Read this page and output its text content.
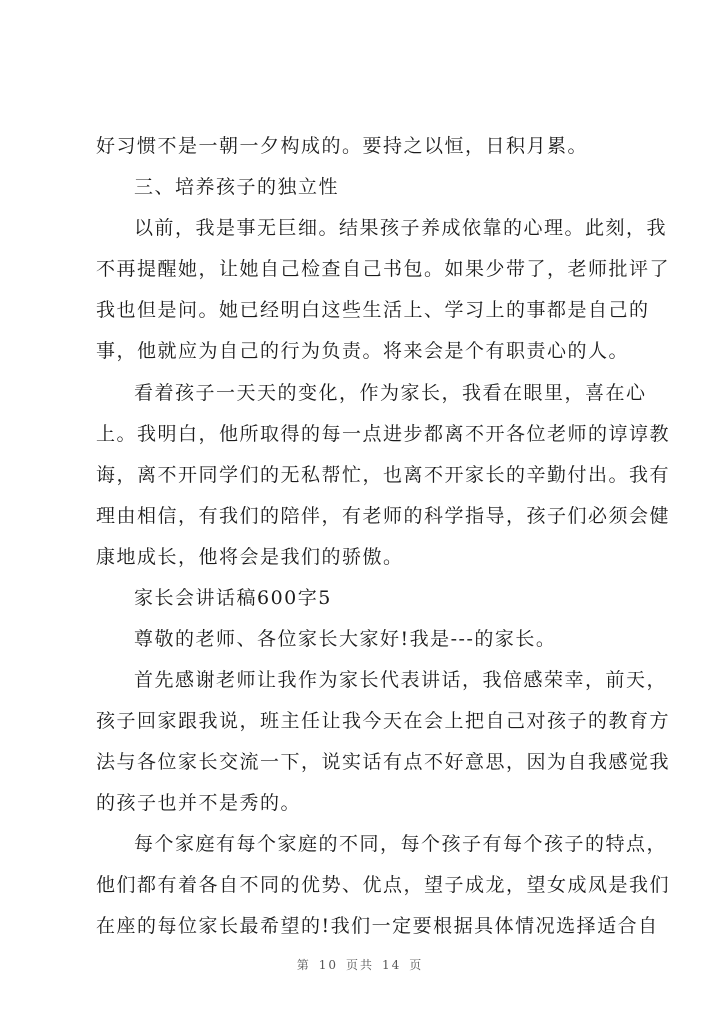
好习惯不是一朝一夕构成的。要持之以恒，日积月累。
三、培养孩子的独立性
以前，我是事无巨细。结果孩子养成依靠的心理。此刻，我
不再提醒她，让她自己检查自己书包。如果少带了，老师批评了
我也但是问。她已经明白这些生活上、学习上的事都是自己的
事，他就应为自己的行为负责。将来会是个有职责心的人。
看着孩子一天天的变化，作为家长，我看在眼里，喜在心
上。我明白，他所取得的每一点进步都离不开各位老师的谆谆教
诲，离不开同学们的无私帮忙，也离不开家长的辛勤付出。我有
理由相信，有我们的陪伴，有老师的科学指导，孩子们必须会健
康地成长，他将会是我们的骄傲。
家长会讲话稿600字5
尊敬的老师、各位家长大家好!我是---的家长。
首先感谢老师让我作为家长代表讲话，我倍感荣幸，前天，
孩子回家跟我说，班主任让我今天在会上把自己对孩子的教育方
法与各位家长交流一下，说实话有点不好意思，因为自我感觉我
的孩子也并不是秀的。
每个家庭有每个家庭的不同，每个孩子有每个孩子的特点，
他们都有着各自不同的优势、优点，望子成龙，望女成凤是我们
在座的每位家长最希望的!我们一定要根据具体情况选择适合自
第 10 页共 14 页
